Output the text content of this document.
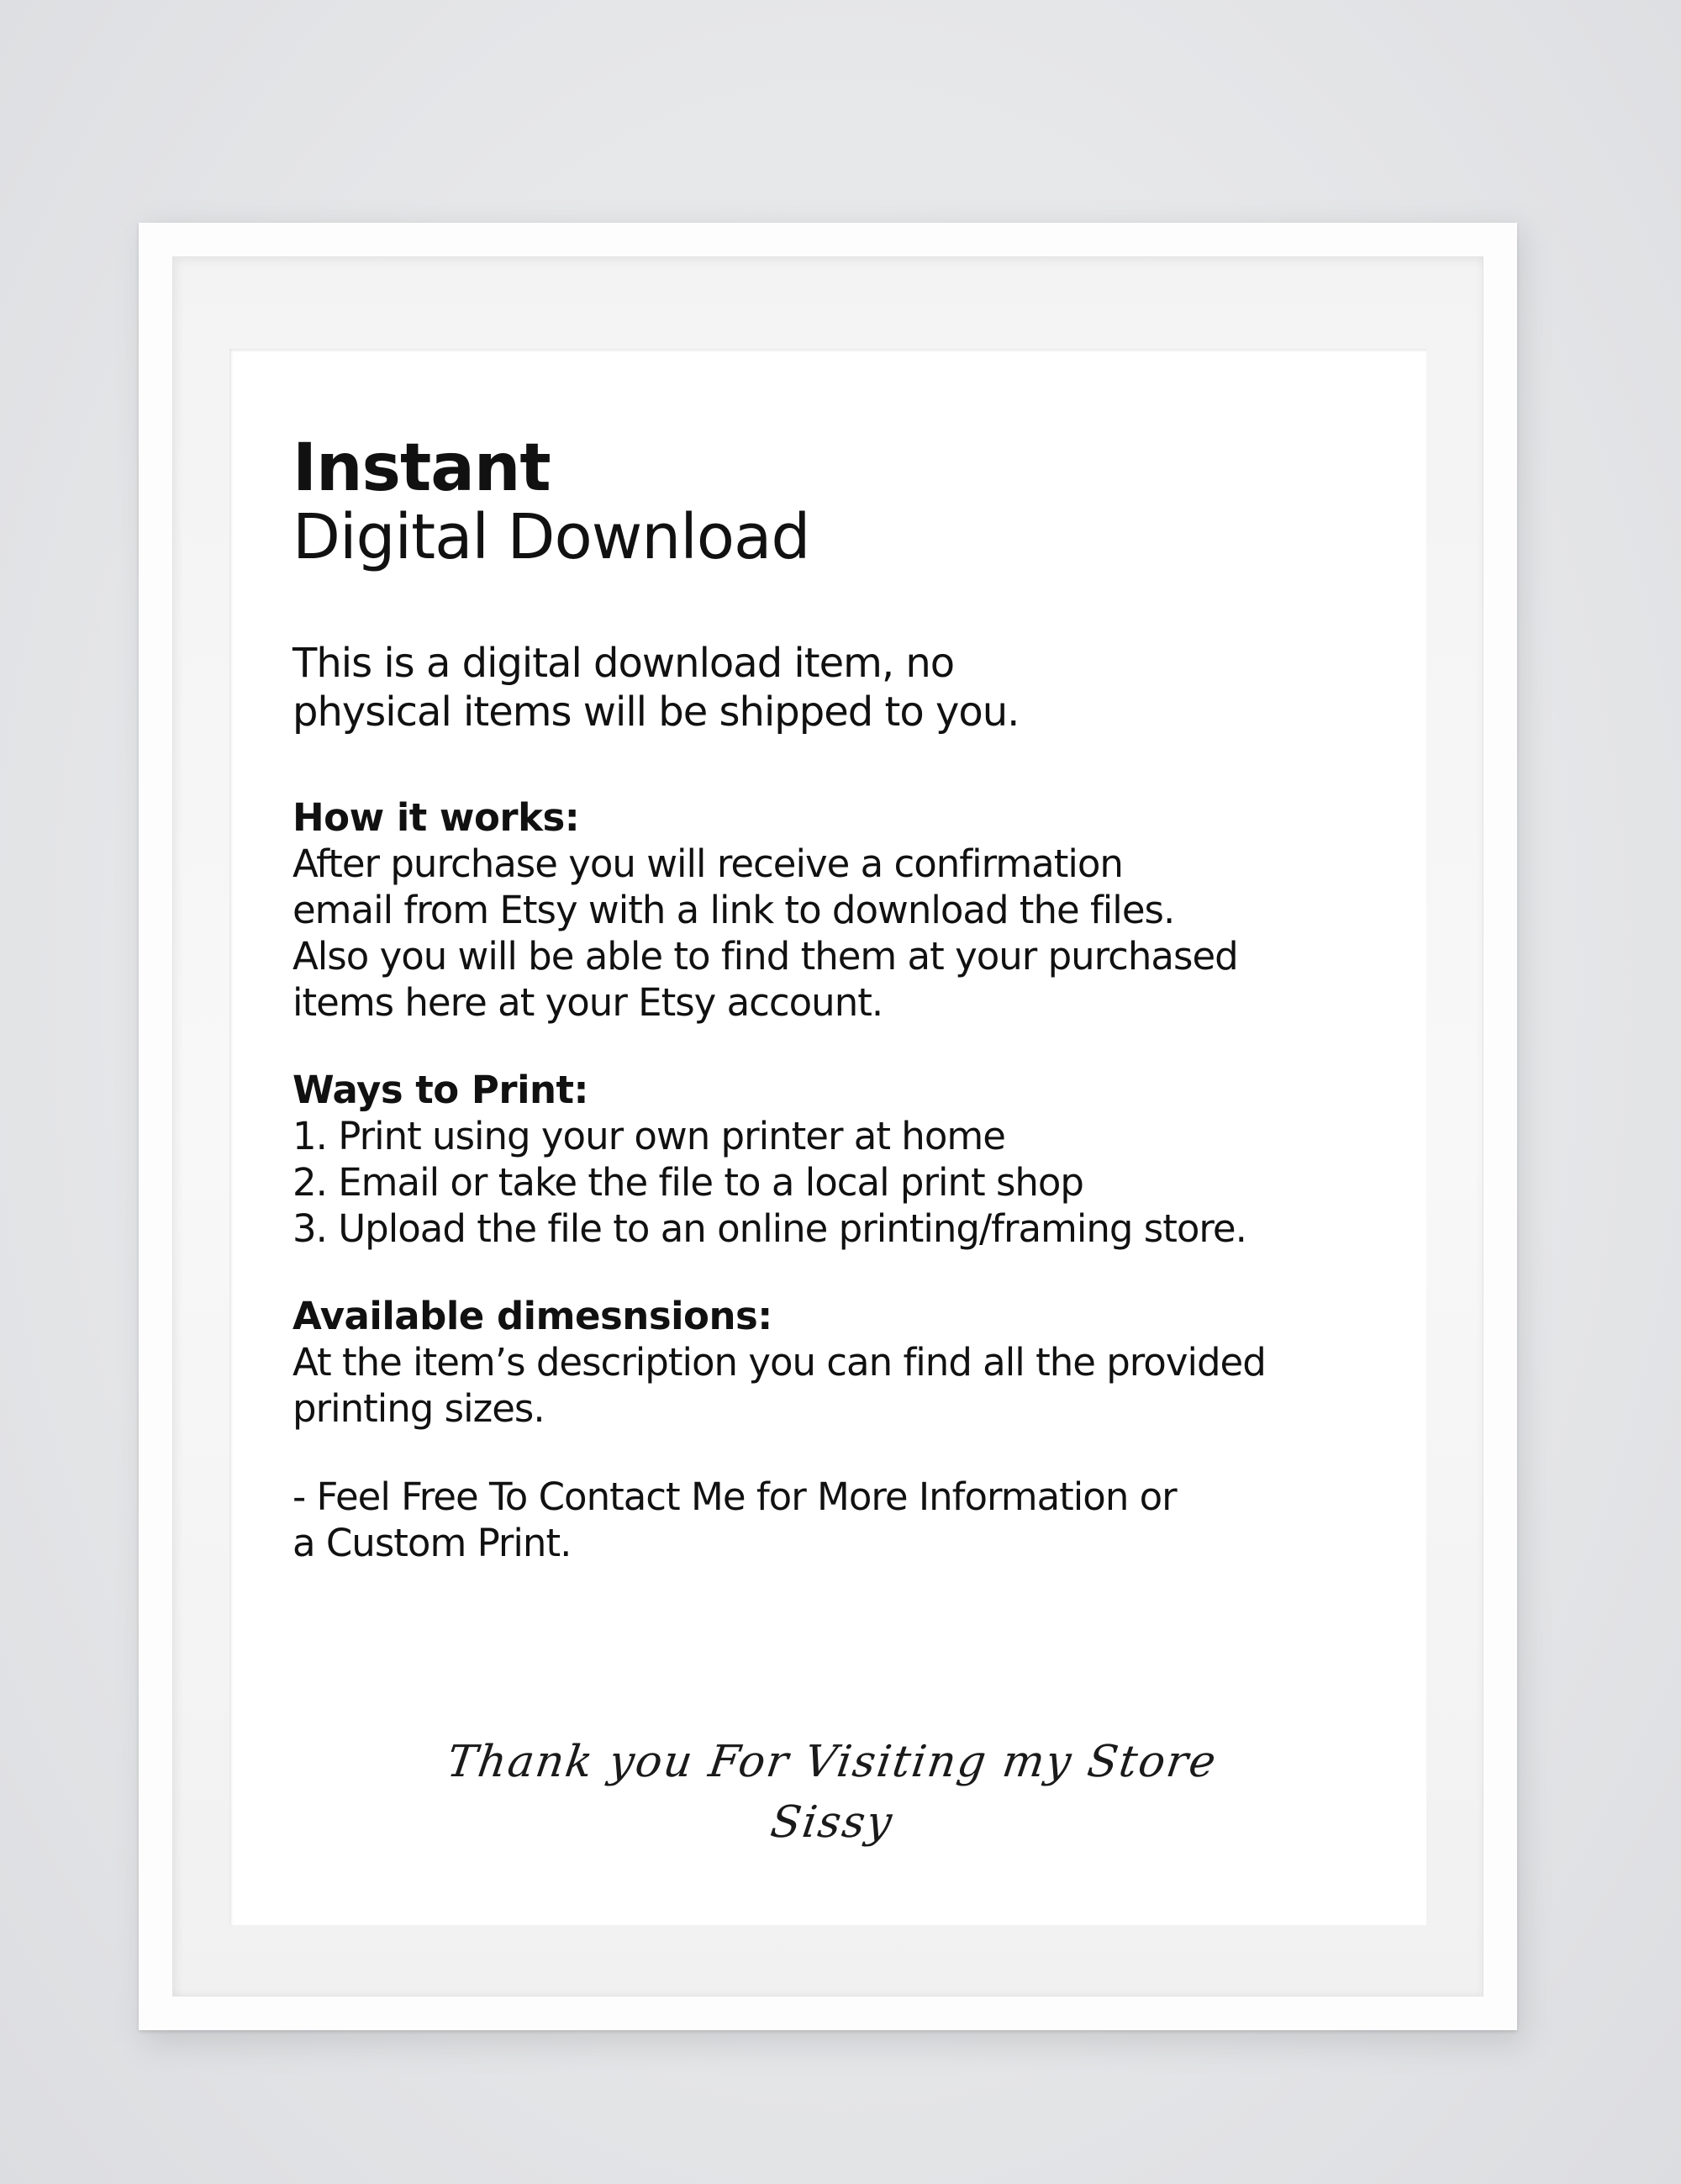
Instant

Digital Download

This is a digital download item, no
physical items will be shipped to you.

How it works:

After purchase you will receive a confirmation
email from Etsy with a link to download the files.
Also you will be able to find them at your purchased
items here at your Etsy account.

Ways to Print:

1. Print using your own printer at home
2. Email or take the file to a local print shop
3. Upload the file to an online printing/framing store.

Available dimesnsions:

At the item’s description you can find all the provided
printing sizes.

- Feel Free To Contact Me for More Information or
a Custom Print.

Thank you For Visiting my Store
Sissy
